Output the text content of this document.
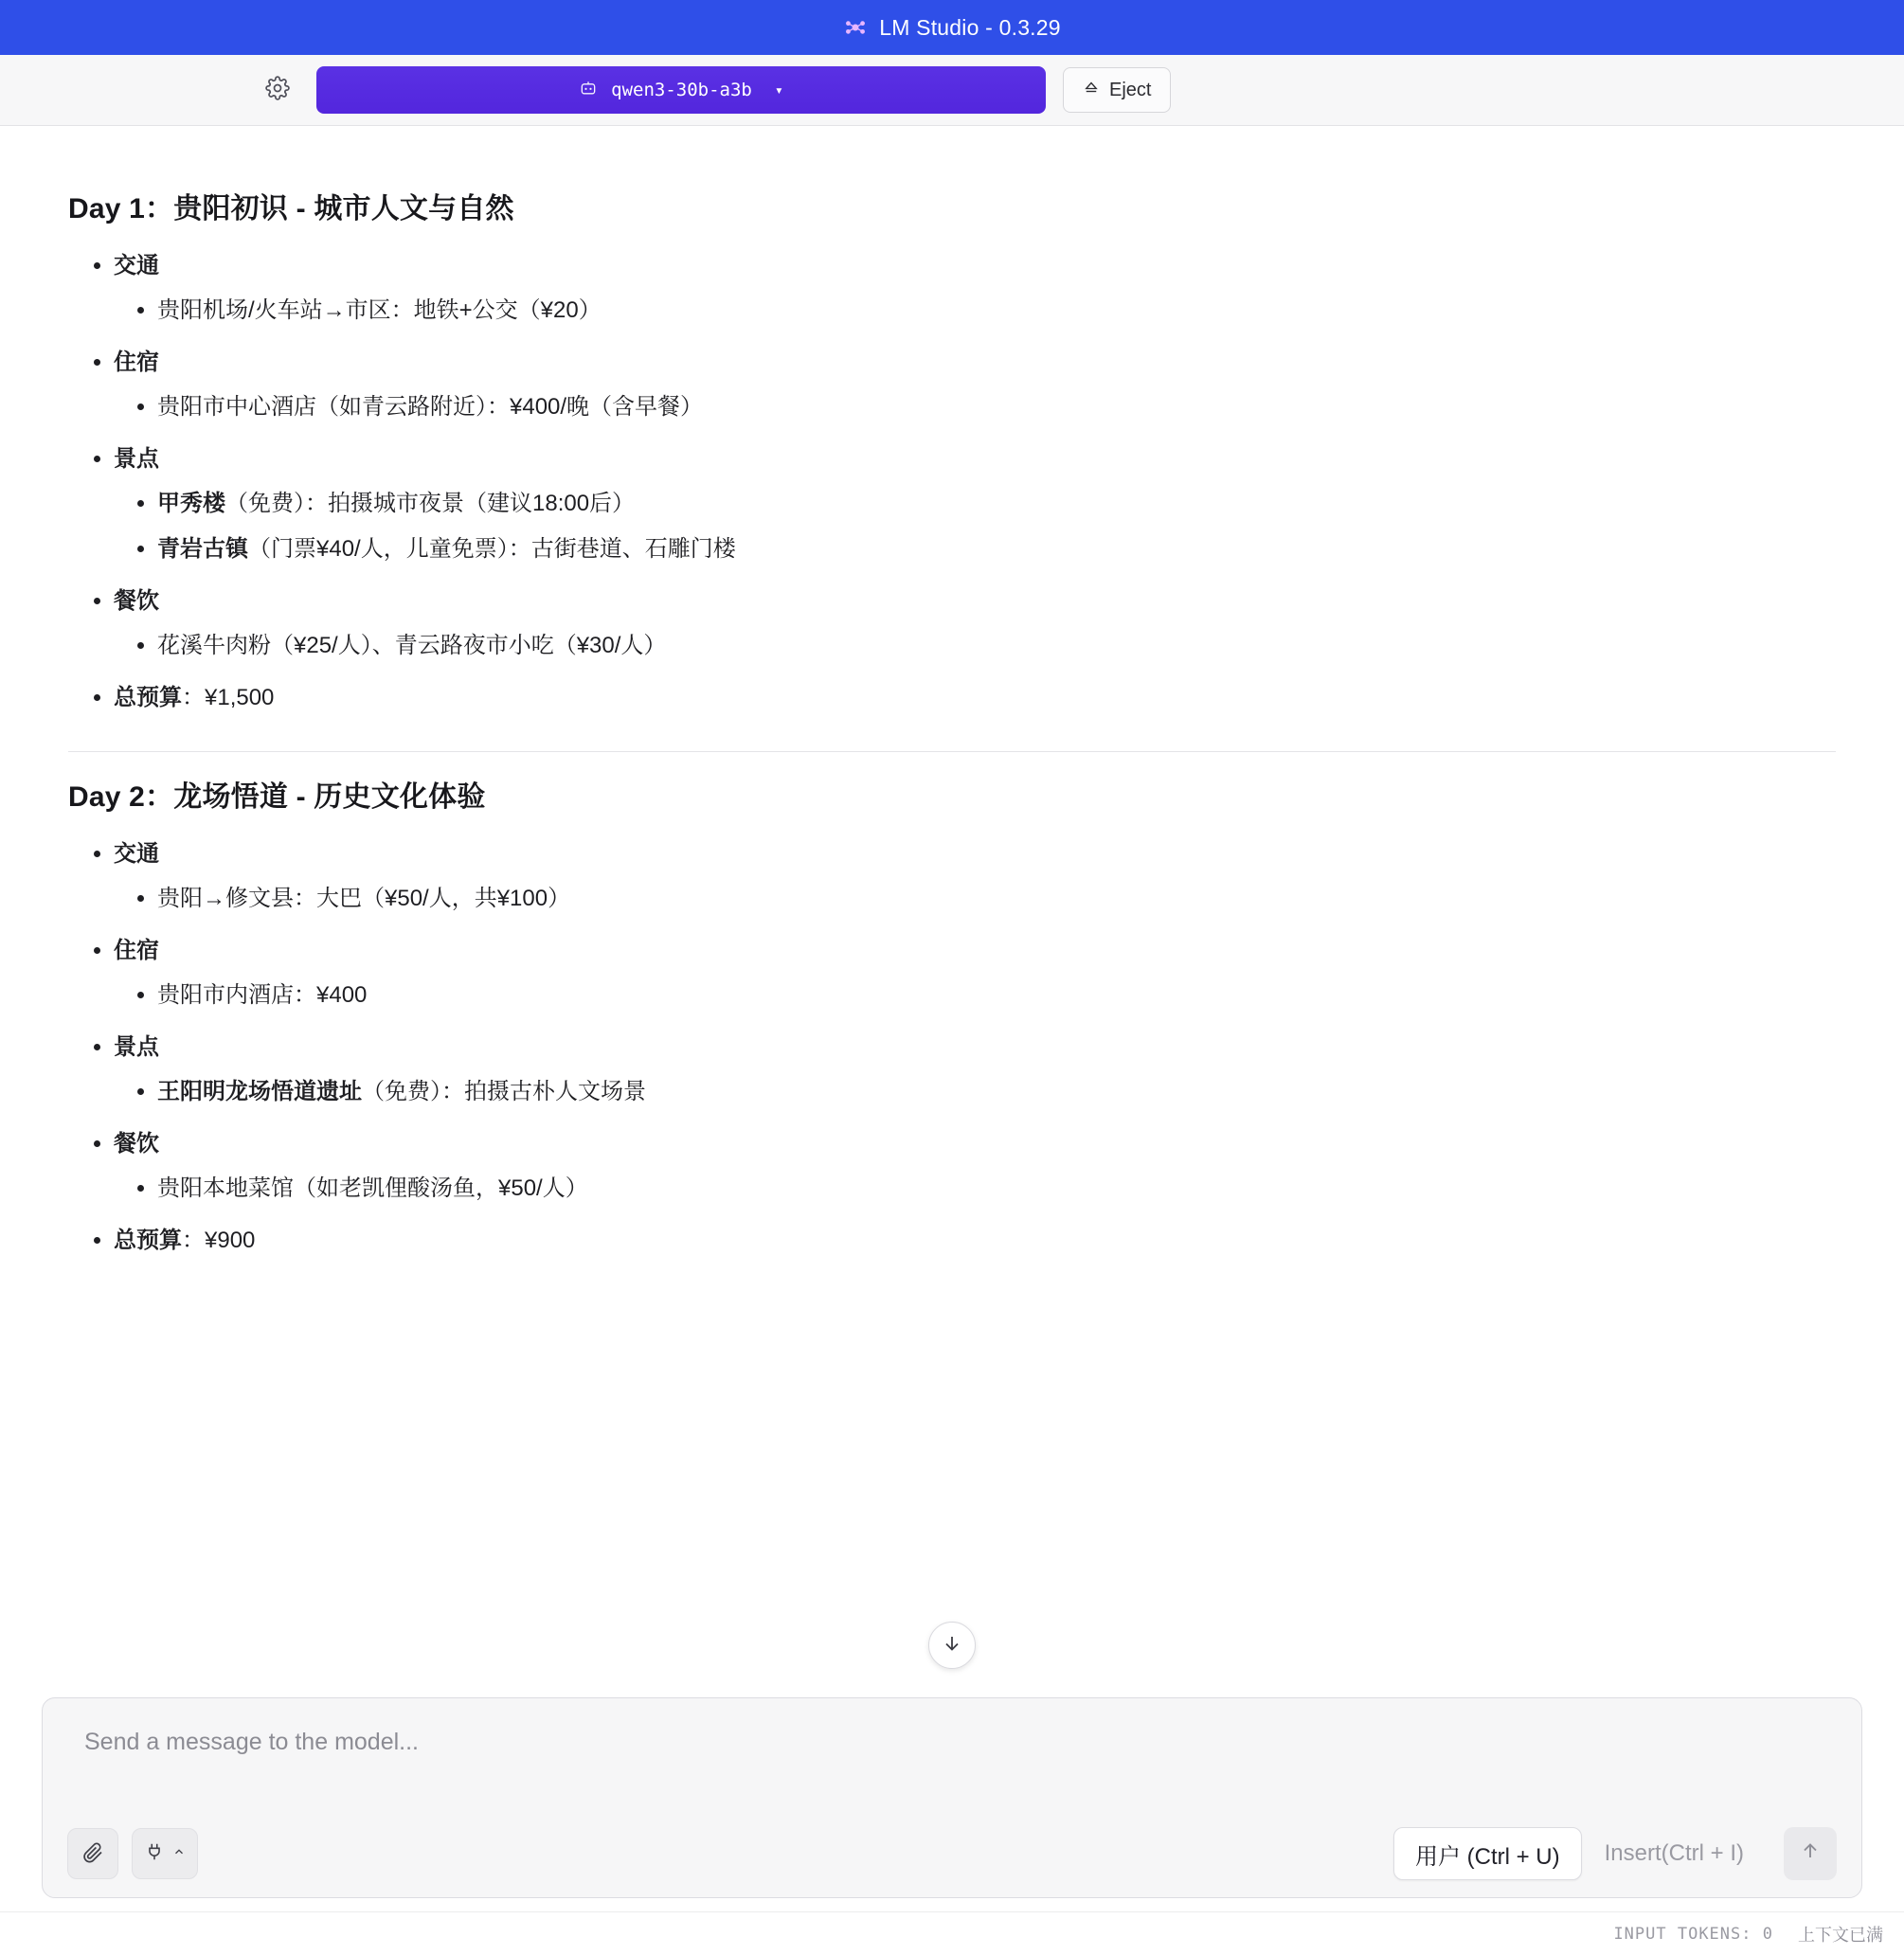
LM Studio - 0.3.29
qwen3-30b-a3b ▾	Eject
Day 1：贵阳初识 - 城市人文与自然
• 交通
• 贵阳机场/火车站→市区：地铁+公交（¥20）
• 住宿
• 贵阳市中心酒店（如青云路附近）：¥400/晚（含早餐）
• 景点
• 甲秀楼（免费）：拍摄城市夜景（建议18:00后）
• 青岩古镇（门票¥40/人，儿童免票）：古街巷道、石雕门楼
• 餐饮
• 花溪牛肉粉（¥25/人）、青云路夜市小吃（¥30/人）
• 总预算：¥1,500
Day 2：龙场悟道 - 历史文化体验
• 交通
• 贵阳→修文县：大巴（¥50/人，共¥100）
• 住宿
• 贵阳市内酒店：¥400
• 景点
• 王阳明龙场悟道遗址（免费）：拍摄古朴人文场景
• 餐饮
• 贵阳本地菜馆（如老凯俚酸汤鱼，¥50/人）
• 总预算：¥900
Send a message to the model...
用户 (Ctrl + U) Insert (Ctrl + I)
INPUT TOKENS: 0 上下文已满
